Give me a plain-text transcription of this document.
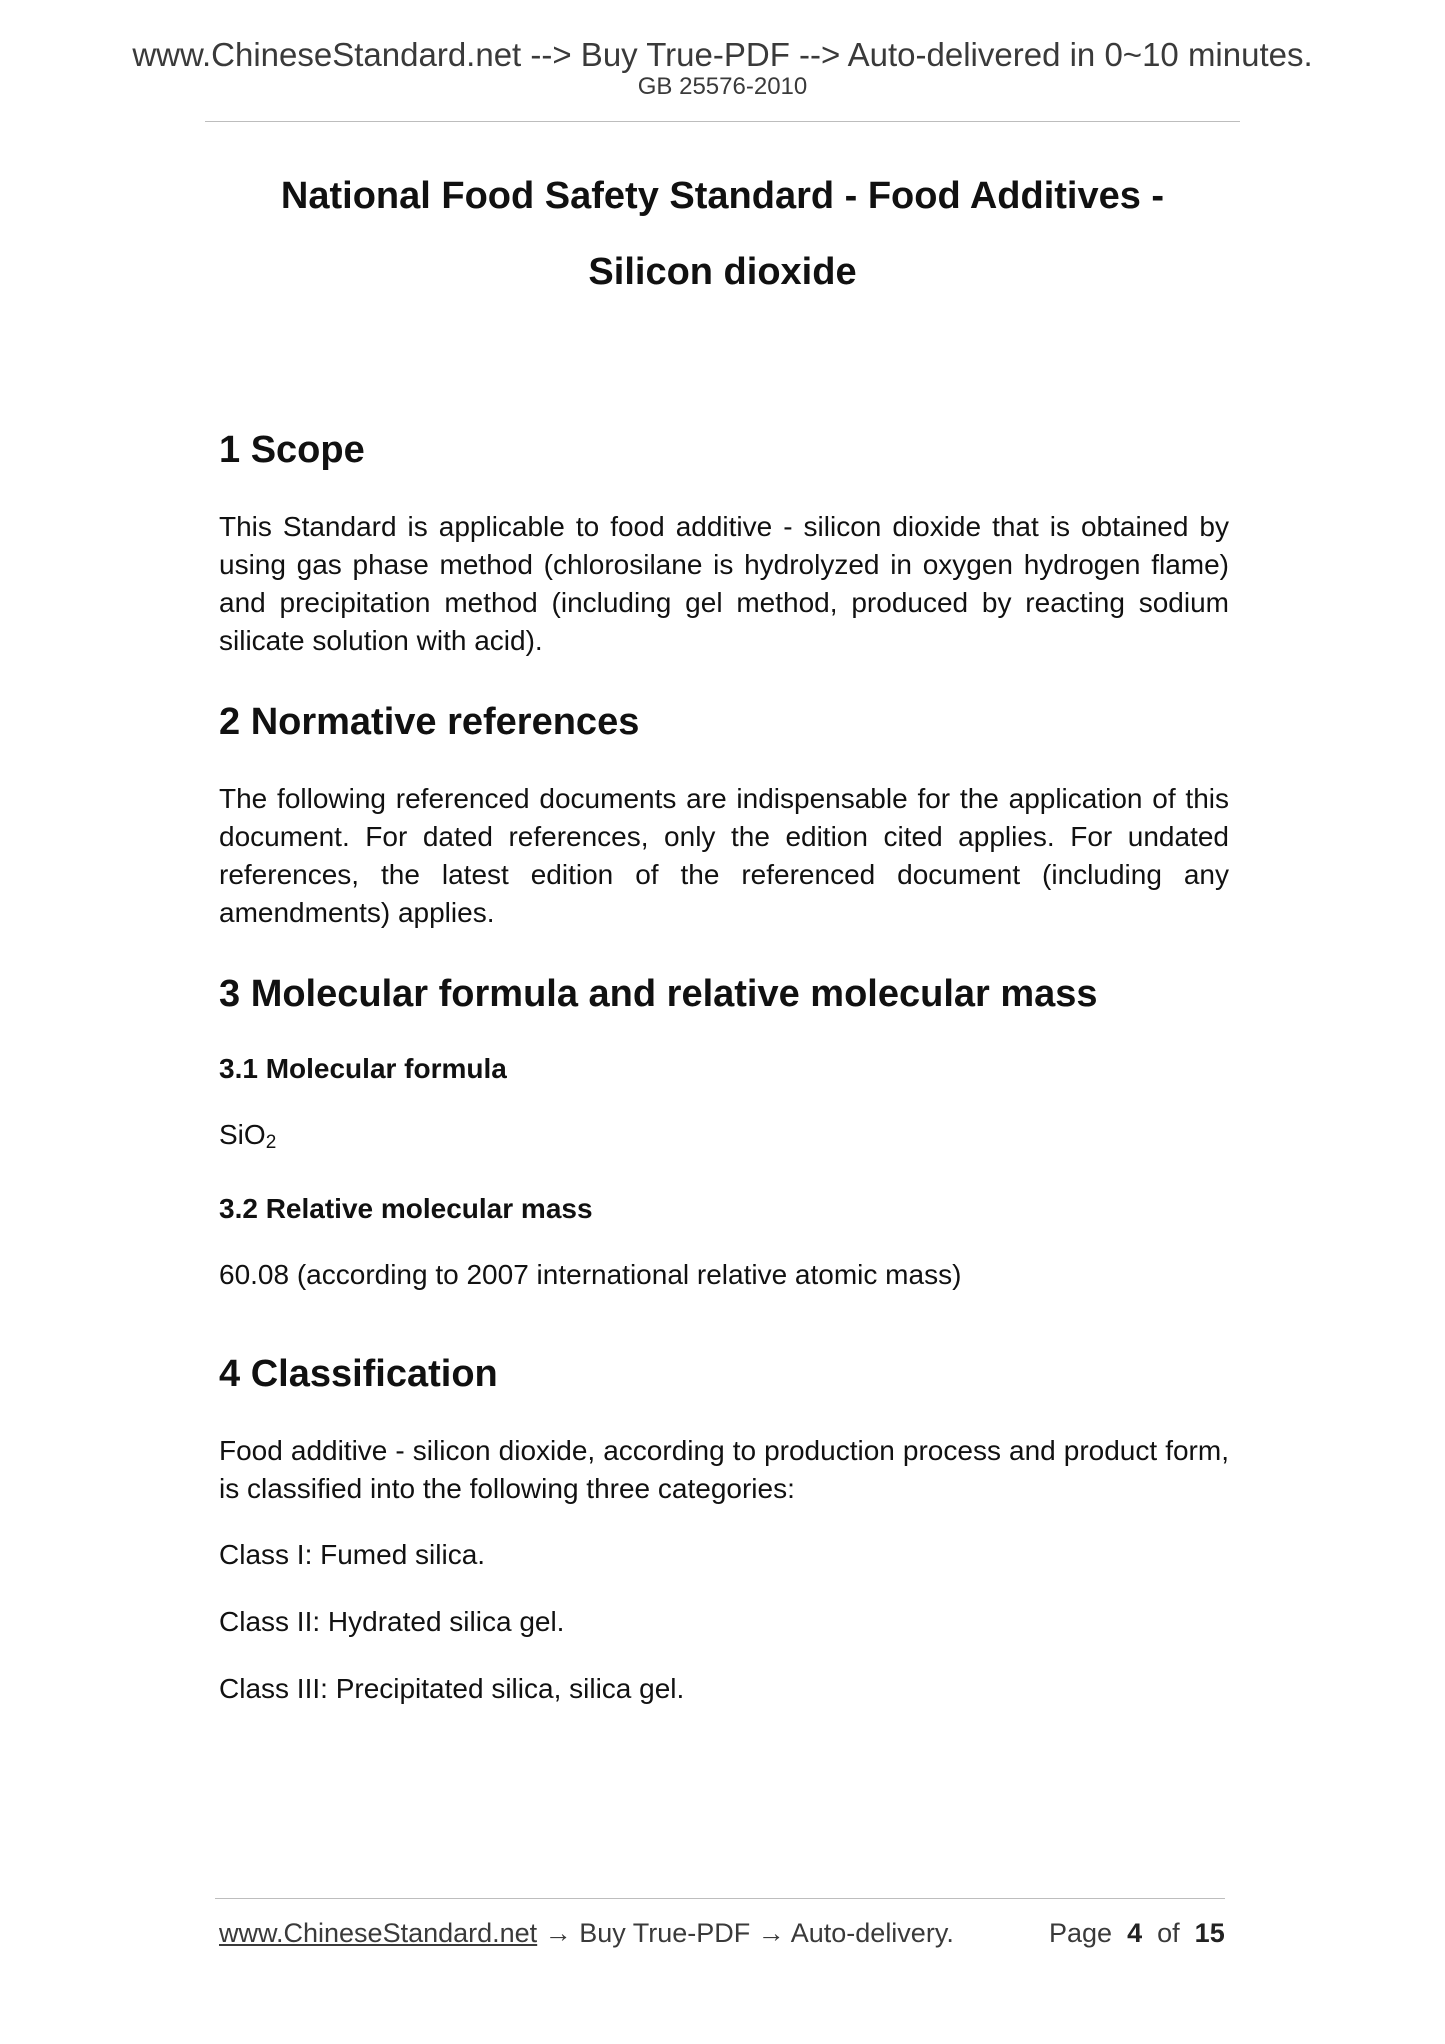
www.ChineseStandard.net --> Buy True-PDF --> Auto-delivered in 0~10 minutes.
GB 25576-2010
National Food Safety Standard - Food Additives -
Silicon dioxide
1 Scope
This Standard is applicable to food additive - silicon dioxide that is obtained by using gas phase method (chlorosilane is hydrolyzed in oxygen hydrogen flame) and precipitation method (including gel method, produced by reacting sodium silicate solution with acid).
2 Normative references
The following referenced documents are indispensable for the application of this document. For dated references, only the edition cited applies. For undated references, the latest edition of the referenced document (including any amendments) applies.
3 Molecular formula and relative molecular mass
3.1 Molecular formula
SiO$_2$
3.2 Relative molecular mass
60.08 (according to 2007 international relative atomic mass)
4 Classification
Food additive - silicon dioxide, according to production process and product form, is classified into the following three categories:
Class I: Fumed silica.
Class II: Hydrated silica gel.
Class III: Precipitated silica, silica gel.
www.ChineseStandard.net → Buy True-PDF → Auto-delivery.	Page 4 of 15
